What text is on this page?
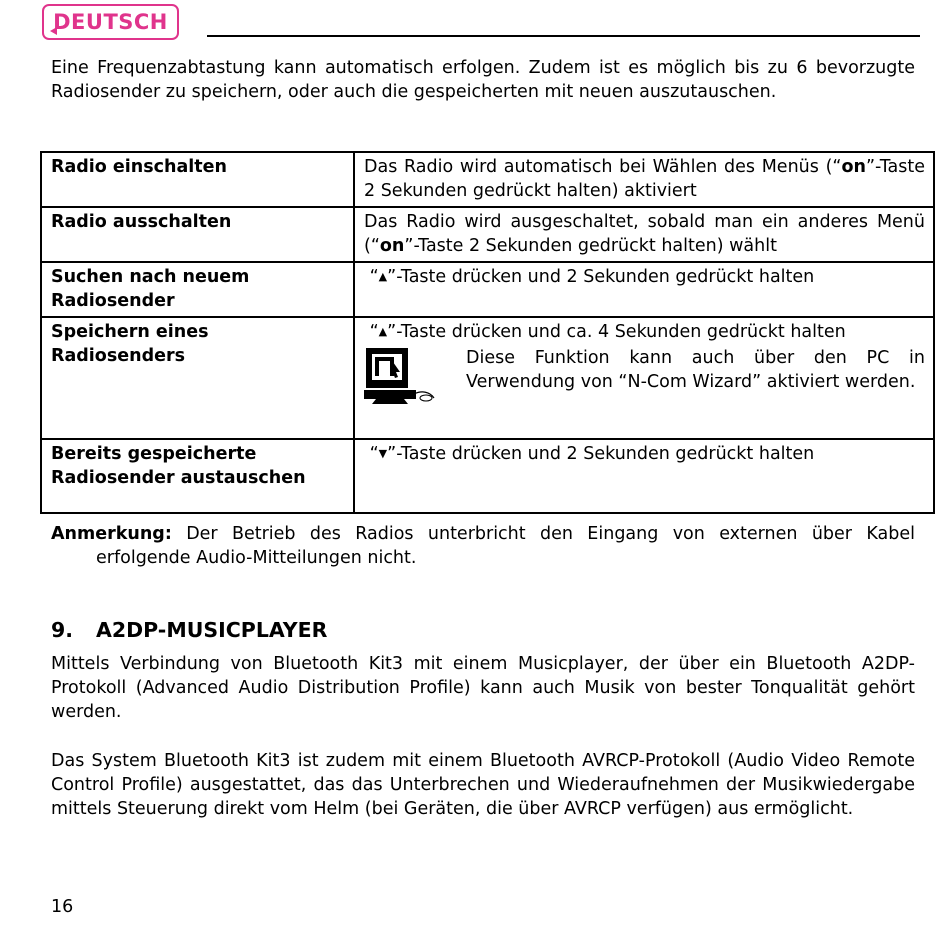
DEUTSCH

Eine Frequenzabtastung kann automatisch erfolgen. Zudem ist es möglich bis zu 6 bevorzugte Radiosender zu speichern, oder auch die gespeicherten mit neuen auszutauschen.

Radio einschalten	Das Radio wird automatisch bei Wählen des Menüs (“on”-Taste 2 Sekunden gedrückt halten) aktiviert
Radio ausschalten	Das Radio wird ausgeschaltet, sobald man ein anderes Menü (“on”-Taste 2 Sekunden gedrückt halten) wählt
Suchen nach neuem Radiosender	“▲”-Taste drücken und 2 Sekunden gedrückt halten
Speichern eines Radiosenders	“▲”-Taste drücken und ca. 4 Sekunden gedrückt halten
Diese Funktion kann auch über den PC in Verwendung von “N-Com Wizard” aktiviert werden.

Bereits gespeicherte Radiosender austauschen	“▼”-Taste drücken und 2 Sekunden gedrückt halten

Anmerkung: Der Betrieb des Radios unterbricht den Eingang von externen über Kabel erfolgende Audio-Mitteilungen nicht.

9.	A2DP-MUSICPLAYER

Mittels Verbindung von Bluetooth Kit3 mit einem Musicplayer, der über ein Bluetooth A2DP-Protokoll (Advanced Audio Distribution Profile) kann auch Musik von bester Tonqualität gehört werden.

Das System Bluetooth Kit3 ist zudem mit einem Bluetooth AVRCP-Protokoll (Audio Video Remote Control Profile) ausgestattet, das das Unterbrechen und Wiederaufnehmen der Musikwiedergabe mittels Steuerung direkt vom Helm (bei Geräten, die über AVRCP verfügen) aus ermöglicht.

16
